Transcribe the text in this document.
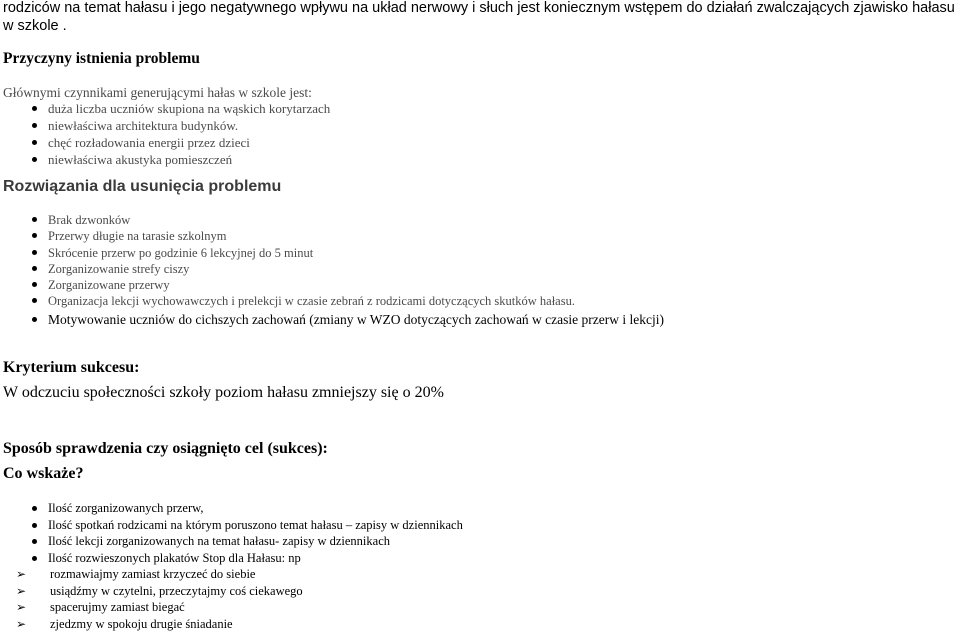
rodziców na temat hałasu i jego negatywnego wpływu na układ nerwowy i słuch jest koniecznym wstępem do działań zwalczających zjawisko hałasu w szkole .
Przyczyny istnienia problemu
Głównymi czynnikami generującymi hałas w szkole jest:
duża liczba uczniów skupiona na wąskich korytarzach
niewłaściwa architektura budynków.
chęć rozładowania energii przez dzieci
niewłaściwa akustyka pomieszczeń
Rozwiązania dla usunięcia problemu
Brak dzwonków
Przerwy długie na tarasie szkolnym
Skrócenie przerw po godzinie 6 lekcyjnej do 5 minut
Zorganizowanie strefy ciszy
Zorganizowane przerwy
Organizacja lekcji wychowawczych i prelekcji w czasie zebrań z rodzicami dotyczących skutków hałasu.
Motywowanie uczniów do cichszych zachowań (zmiany w WZO dotyczących zachowań w czasie przerw i lekcji)
Kryterium sukcesu:
W odczuciu społeczności szkoły poziom hałasu zmniejszy się o 20%
Sposób sprawdzenia czy osiągnięto cel (sukces):
Co wskaże?
Ilość zorganizowanych przerw,
Ilość spotkań rodzicami na którym poruszono temat hałasu – zapisy w dziennikach
Ilość lekcji zorganizowanych na temat hałasu- zapisy w dziennikach
Ilość rozwieszonych plakatów Stop dla Hałasu: np
➢ rozmawiajmy zamiast krzyczeć do siebie
➢ usiądźmy w czytelni, przeczytajmy coś ciekawego
➢ spacerujmy zamiast biegać
➢ zjedzmy w spokoju drugie śniadanie
